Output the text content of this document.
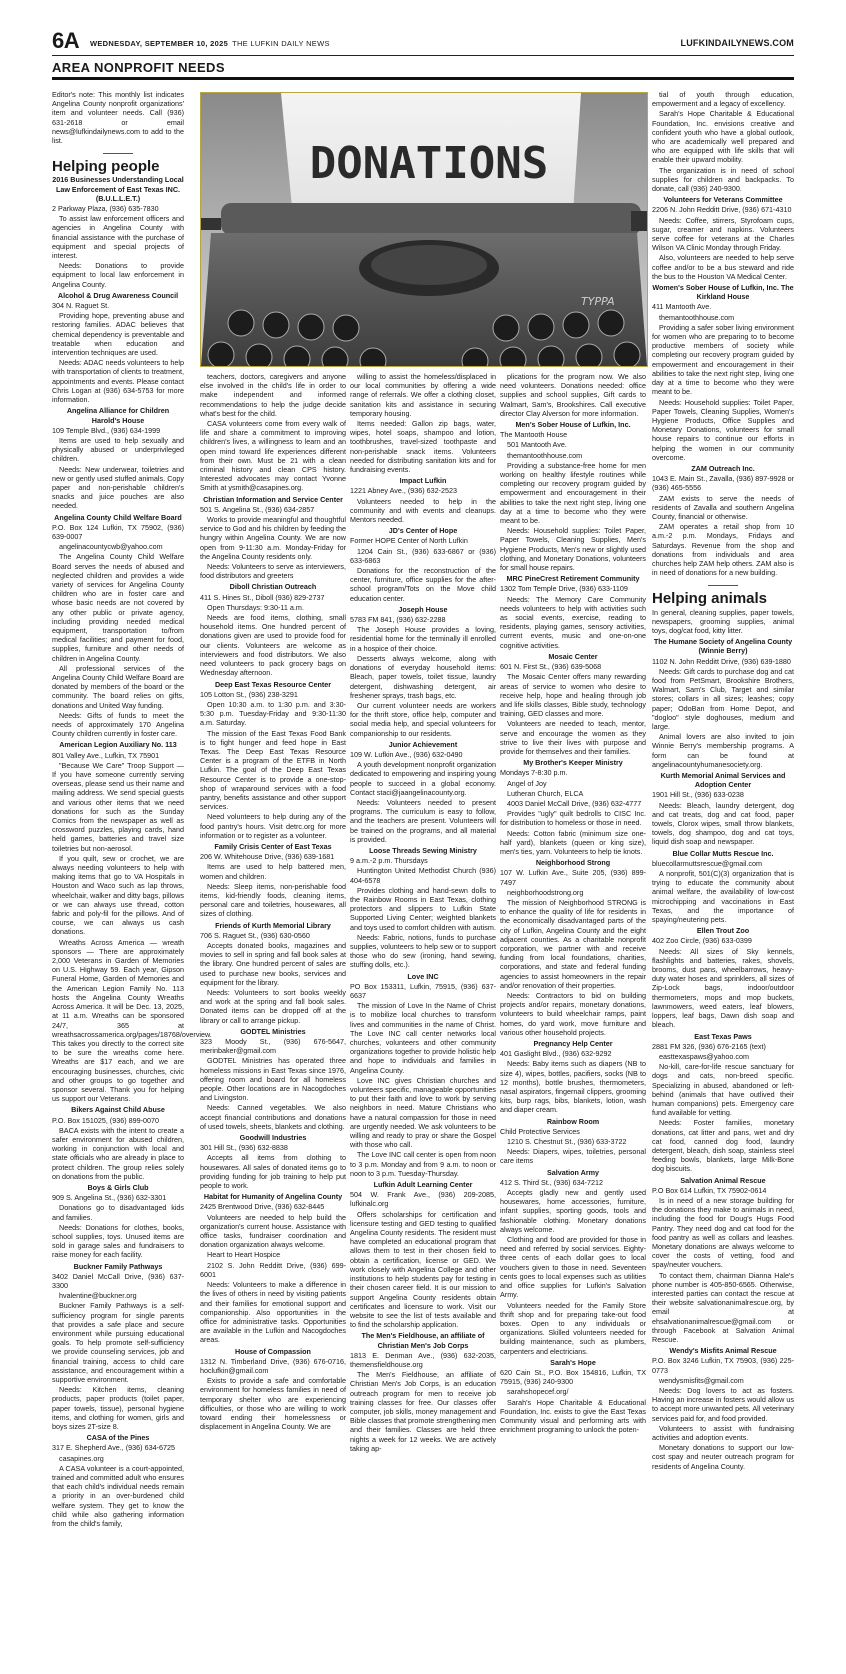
6A WEDNESDAY, SEPTEMBER 10, 2025 THE LUFKIN DAILY NEWS	LUFKINDAILYNEWS.COM
AREA NONPROFIT NEEDS

Editor's note: This monthly list indicates Angelina County nonprofit organizations' item and volunteer needs. Call (936) 631-2618 or email news@lufkindailynews.com to add to the list.

Helping people
2016 Businesses Understanding Local Law Enforcement of East Texas INC. (B.U.L.L.E.T.)

2 Parkway Plaza, (936) 635-7830

To assist law enforcement officers and agencies in Angelina County with financial assistance with the purchase of equipment and special projects of interest.

Needs: Donations to provide equipment to local law enforcement in Angelina County.

Alcohol & Drug Awareness Council

304 N. Raguet St.

Providing hope, preventing abuse and restoring families. ADAC believes that chemical dependency is preventable and treatable when education and intervention techniques are used.

Needs: ADAC needs volunteers to help with transportation of clients to treatment, appointments and events. Please contact Chris Logan at (936) 634-5753 for more information.

Angelina Alliance for Children Harold's House

109 Temple Blvd., (936) 634-1999

Items are used to help sexually and physically abused or underprivileged children.

Needs: New underwear, toiletries and new or gently used stuffed animals. Copy paper and non-perishable children's snacks and juice pouches are also needed.

Angelina County Child Welfare Board

P.O. Box 124 Lufkin, TX 75902, (936) 639-0007

angelinacountycwb@yahoo.com

The Angelina County Child Welfare Board serves the needs of abused and neglected children and provides a wide variety of services for Angelina County children who are in foster care and whose basic needs are not covered by any other public or private agency, including providing needed medical equipment, transportation to/from medical facilities; and payment for food, supplies, furniture and other needs of children in Angelina County.

All professional services of the Angelina County Child Welfare Board are donated by members of the board or the community. The board relies on gifts, donations and United Way funding.

Needs: Gifts of funds to meet the needs of approximately 170 Angelina County children currently in foster care.

American Legion Auxiliary No. 113

801 Valley Ave., Lufkin, TX 75901

"Because We Care" Troop Support — If you have someone currently serving overseas, please send us their name and mailing address. We send special guests and various other items that we need donations for such as the Sunday Comics from the newspaper as well as crossword puzzles, playing cards, hand held games, batteries and travel size toiletries but non-aerosol.

If you quilt, sew or crochet, we are always needing volunteers to help with making items that go to VA Hospitals in Houston and Waco such as lap throws, wheelchair, walker and ditty bags, pillows or we can always use thread, cotton fabric and poly-fil for the pillows. And of course, we can always us cash donations.

Wreaths Across America — wreath sponsors — There are approximately 2,000 Veterans in Garden of Memories on U.S. Highway 59. Each year, Gipson Funeral Home, Garden of Memories and the American Legion Family No. 113 hosts the Angelina County Wreaths Across America. It will be Dec. 13, 2025, at 11 a.m. Wreaths can be sponsored 24/7, 365 at wreathsacrossamerica.org/pages/18768/overview. This takes you directly to the correct site to be sure the wreaths come here. Wreaths are $17 each, and we are encouraging businesses, churches, civic and other groups to go together and sponsor several. Thank you for helping us support our Veterans.

Bikers Against Child Abuse

P.O. Box 151025, (936) 899-0070

BACA exists with the intent to create a safer environment for abused children, working in conjunction with local and state officials who are already in place to protect children. The group relies solely on donations from the public.

Boys & Girls Club

909 S. Angelina St., (936) 632-3301

Donations go to disadvantaged kids and families.

Needs: Donations for clothes, books, school supplies, toys. Unused items are sold in garage sales and fundraisers to raise money for each facility.

Buckner Family Pathways

3402 Daniel McCall Drive, (936) 637-3300

hvalentine@buckner.org

Buckner Family Pathways is a self-sufficiency program for single parents that provides a safe place and secure environment while pursuing educational goals. To help promote self-sufficiency we provide counseling services, job and financial training, access to child care assistance, and encouragement within a supportive environment.

Needs: Kitchen items, cleaning products, paper products (toilet paper, paper towels, tissue), personal hygiene items, and clothing for women, girls and boys sizes 2T-size 8.

CASA of the Pines

317 E. Shepherd Ave., (936) 634-6725

casapines.org

A CASA volunteer is a court-appointed, trained and committed adult who ensures that each child's individual needs remain a priority in an over-burdened child welfare system. They get to know the child while also gathering information from the child's family,

DONATIONS
TYPPA

teachers, doctors, caregivers and anyone else involved in the child's life in order to make independent and informed recommendations to help the judge decide what's best for the child.

CASA volunteers come from every walk of life and share a commitment to improving children's lives, a willingness to learn and an open mind toward life experiences different from their own. Must be 21 with a clean criminal history and clean CPS history. Interested advocates may contact Yvonne Smith at ysmith@casapines.org.

Christian Information and Service Center

501 S. Angelina St., (936) 634-2857

Works to provide meaningful and thoughtful service to God and his children by feeding the hungry within Angelina County. We are now open from 9-11:30 a.m. Monday-Friday for the Angelina County residents only.

Needs: Volunteers to serve as interviewers, food distributors and greeters

Diboll Christian Outreach

411 S. Hines St., Diboll (936) 829-2737

Open Thursdays: 9:30-11 a.m.

Needs are food items, clothing, small household items. One hundred percent of donations given are used to provide food for our clients. Volunteers are welcome as interviewers and food distributors. We also need volunteers to pack grocery bags on Wednesday afternoon.

Deep East Texas Resource Center

105 Lotton St., (936) 238-3291

Open 10:30 a.m. to 1:30 p.m. and 3:30-5:30 p.m. Tuesday-Friday and 9:30-11:30 a.m. Saturday.

The mission of the East Texas Food Bank is to fight hunger and feed hope in East Texas. The Deep East Texas Resource Center is a program of the ETFB in North Lufkin. The goal of the Deep East Texas Resource Center is to provide a one-stop-shop of wraparound services with a food pantry, benefits assistance and other support services.

Need volunteers to help during any of the food pantry's hours. Visit detrc.org for more information or to register as a volunteer.

Family Crisis Center of East Texas

206 W. Whitehouse Drive, (936) 639-1681

Items are used to help battered men, women and children.

Needs: Sleep items, non-perishable food items, kid-friendly foods, cleaning items, personal care and toiletries, housewares, all sizes of clothing.

Friends of Kurth Memorial Library

706 S. Raguet St., (936) 630-0560

Accepts donated books, magazines and movies to sell in spring and fall book sales at the library. One hundred percent of sales are used to purchase new books, services and equipment for the library.

Needs: Volunteers to sort books weekly and work at the spring and fall book sales. Donated items can be dropped off at the library or call to arrange pickup.

GODTEL Ministries

323 Moody St., (936) 676-5647, merinbaker@gmail.com

GODTEL Ministries has operated three homeless missions in East Texas since 1976, offering room and board for all homeless people. Other locations are in Nacogdoches and Livingston.

Needs: Canned vegetables. We also accept financial contributions and donations of used towels, sheets, blankets and clothing.

Goodwill Industries

301 Hill St., (936) 632-8838

Accepts all items from clothing to housewares. All sales of donated items go to providing funding for job training to help put people to work.

Habitat for Humanity of Angelina County

2425 Brentwood Drive, (936) 632-8445

Volunteers are needed to help build the organization's current house. Assistance with office tasks, fundraiser coordination and donation organization always welcome.

Heart to Heart Hospice

2102 S. John Redditt Drive, (936) 699-6001

Needs: Volunteers to make a difference in the lives of others in need by visiting patients and their families for emotional support and companionship. Also opportunities in the office for administrative tasks. Opportunities are available in the Lufkin and Nacogdoches areas.

House of Compassion

1312 N. Timberland Drive, (936) 676-0716, hoclufkin@gmail.com

Exists to provide a safe and comfortable environment for homeless families in need of temporary shelter who are experiencing difficulties, or those who are willing to work toward ending their homelessness or displacement in Angelina County. We are

willing to assist the homeless/displaced in our local communities by offering a wide range of referrals. We offer a clothing closet, sanitation kits and assistance in securing temporary housing.

Items needed: Gallon zip bags, water, wipes, hotel soaps, shampoo and lotion, toothbrushes, travel-sized toothpaste and non-perishable snack items. Volunteers needed for distributing sanitation kits and for fundraising events.

Impact Lufkin

1221 Abney Ave., (936) 632-2523

Volunteers needed to help in the community and with events and cleanups. Mentors needed.

JD's Center of Hope

Former HOPE Center of North Lufkin

1204 Cain St., (936) 633-6867 or (936) 633-6863

Donations for the reconstruction of the center, furniture, office supplies for the after-school program/Tots on the Move child education center.

Joseph House

5783 FM 841, (936) 632-2288

The Joseph House provides a loving, residential home for the terminally ill enrolled in a hospice of their choice.

Desserts always welcome, along with donations of everyday household items: Bleach, paper towels, toilet tissue, laundry detergent, dishwashing detergent, air freshener sprays, trash bags, etc.

Our current volunteer needs are workers for the thrift store, office help, computer and social media help, and special volunteers for companionship to our residents.

Junior Achievement

109 W. Lufkin Ave., (936) 632-0490

A youth development nonprofit organization dedicated to empowering and inspiring young people to succeed in a global economy. Contact staci@jaangelinacounty.org.

Needs: Volunteers needed to present programs. The curriculum is easy to follow, and the teachers are present. Volunteers will be trained on the programs, and all material is provided.

Loose Threads Sewing Ministry

9 a.m.-2 p.m. Thursdays

Huntington United Methodist Church (936) 404-6578

Provides clothing and hand-sewn dolls to the Rainbow Rooms in East Texas, clothing protectors and slippers to Lufkin State Supported Living Center; weighted blankets and toys used to comfort children with autism.

Needs: Fabric, notions, funds to purchase supplies, volunteers to help sew or to support those who do sew (ironing, hand sewing, stuffing dolls, etc.).

Love INC

PO Box 153311, Lufkin, 75915, (936) 637-6637

The mission of Love In the Name of Christ is to mobilize local churches to transform lives and communities in the name of Christ. The Love INC call center networks local churches, volunteers and other community organizations together to provide holistic help and hope to individuals and families in Angelina County.

Love INC gives Christian churches and volunteers specific, manageable opportunities to put their faith and love to work by serving neighbors in need. Mature Christians who have a natural compassion for those in need are urgently needed. We ask volunteers to be willing and ready to pray or share the Gospel with those who call.

The Love INC call center is open from noon to 3 p.m. Monday and from 9 a.m. to noon or noon to 3 p.m. Tuesday-Thursday.

Lufkin Adult Learning Center

504 W. Frank Ave., (936) 209-2085, lufkinalc.org

Offers scholarships for certification and licensure testing and GED testing to qualified Angelina County residents. The resident must have completed an educational program that allows them to test in their chosen field to obtain a certification, license or GED. We work closely with Angelina College and other institutions to help students pay for testing in their chosen career field. It is our mission to support Angelina County residents obtain certificates and licensure to work. Visit our website to see the list of tests available and to find the scholarship application.

The Men's Fieldhouse, an affiliate of Christian Men's Job Corps

1813 E. Denman Ave., (936) 632-2035, themensfieldhouse.org

The Men's Fieldhouse, an affiliate of Christian Men's Job Corps, is an education outreach program for men to receive job training classes for free. Our classes offer computer, job skills, money management and Bible classes that promote strengthening men and their families. Classes are held three nights a week for 12 weeks. We are actively taking ap-

plications for the program now. We also need volunteers. Donations needed: office supplies and school supplies, Gift cards to Walmart, Sam's, Brookshires. Call executive director Clay Alverson for more information.

Men's Sober House of Lufkin, Inc.

The Mantooth House

501 Mantooth Ave.

themantoothhouse.com

Providing a substance-free home for men working on healthy lifestyle routines while completing our recovery program guided by empowerment and encouragement in their abilities to take the next right step, living one day at a time to become who they were meant to be.

Needs: Household supplies: Toilet Paper, Paper Towels, Cleaning Supplies, Men's Hygiene Products, Men's new or slightly used clothing, and Monetary Donations, volunteers for small house repairs.

MRC PineCrest Retirement Community

1302 Tom Temple Drive, (936) 633-1109

Needs: The Memory Care Community needs volunteers to help with activities such as social events, exercise, reading to residents, playing games, sensory activities, current events, music and one-on-one cognitive activities.

Mosaic Center

601 N. First St., (936) 639-5068

The Mosaic Center offers many rewarding areas of service to women who desire to receive help, hope and healing through job and life skills classes, Bible study, technology training, GED classes and more.

Volunteers are needed to teach, mentor, serve and encourage the women as they strive to live their lives with purpose and provide for themselves and their families.

My Brother's Keeper Ministry

Mondays 7-8:30 p.m.

Angel of Joy

Lutheran Church, ELCA

4003 Daniel McCall Drive, (936) 632-4777

Provides "ugly" quilt bedrolls to CISC Inc. for distribution to homeless or those in need.

Needs: Cotton fabric (minimum size one-half yard), blankets (queen or king size), men's ties, yarn. Volunteers to help tie knots.

Neighborhood Strong

107 W. Lufkin Ave., Suite 205, (936) 899-7497

neighborhoodstrong.org

The mission of Neighborhood STRONG is to enhance the quality of life for residents in the economically disadvantaged parts of the city of Lufkin, Angelina County and the eight adjacent counties. As a charitable nonprofit corporation, we partner with and receive funding from local foundations, charities, corporations, and state and federal funding agencies to assist homeowners in the repair and/or renovation of their properties.

Needs: Contractors to bid on building projects and/or repairs, monetary donations, volunteers to build wheelchair ramps, paint homes, do yard work, move furniture and various other household projects.

Pregnancy Help Center

401 Gaslight Blvd., (936) 632-9292

Needs: Baby items such as diapers (NB to size 4), wipes, bottles, pacifiers, socks (NB to 12 months), bottle brushes, thermometers, nasal aspirators, fingernail clippers, grooming kits, burp rags, bibs, blankets, lotion, wash and diaper cream.

Rainbow Room

Child Protective Services

1210 S. Chestnut St., (936) 633-3722

Needs: Diapers, wipes, toiletries, personal care items

Salvation Army

412 S. Third St., (936) 634-7212

Accepts gladly new and gently used housewares, home accessories, furniture, infant supplies, sporting goods, tools and fashionable clothing. Monetary donations always welcome.

Clothing and food are provided for those in need and referred by social services. Eighty-three cents of each dollar goes to local vouchers given to those in need. Seventeen cents goes to local expenses such as utilities and office supplies for Lufkin's Salvation Army.

Volunteers needed for the Family Store thrift shop and for preparing take-out food boxes. Open to any individuals or organizations. Skilled volunteers needed for building maintenance, such as plumbers, carpenters and electricians.

Sarah's Hope

620 Cain St., P.O. Box 154816, Lufkin, TX 75915, (936) 240-9300

sarahshopecef.org/

Sarah's Hope Charitable & Educational Foundation, Inc. exists to give the East Texas Community visual and performing arts with enrichment programing to unlock the poten-

tial of youth through education, empowerment and a legacy of excellency.

Sarah's Hope Charitable & Educational Foundation, Inc. envisions creative and confident youth who have a global outlook, who are academically well prepared and who are equipped with life skills that will enable their upward mobility.

The organization is in need of school supplies for children and backpacks. To donate, call (936) 240-9300.

Volunteers for Veterans Committee

2206 N. John Redditt Drive, (936) 671-4310

Needs: Coffee, stirrers, Styrofoam cups, sugar, creamer and napkins. Volunteers serve coffee for veterans at the Charles Wilson VA Clinic Monday through Friday.

Also, volunteers are needed to help serve coffee and/or to be a bus steward and ride the bus to the Houston VA Medical Center.

Women's Sober House of Lufkin, Inc. The Kirkland House

411 Mantooth Ave.

themantoothhouse.com

Providing a safer sober living environment for women who are preparing to to become productive members of society while completing our recovery program guided by empowerment and encouragement in their abilities to take the next right step, living one day at a time to become who they were meant to be.

Needs: Household supplies: Toilet Paper, Paper Towels, Cleaning Supplies, Women's Hygiene Products, Office Supplies and Monetary Donations, volunteers for small house repairs to continue our efforts in helping the women in our community overcome.

ZAM Outreach Inc.

1043 E. Main St., Zavalla, (936) 897-9928 or (936) 465-5556

ZAM exists to serve the needs of residents of Zavalla and southern Angelina County, financial or otherwise.

ZAM operates a retail shop from 10 a.m.-2 p.m. Mondays, Fridays and Saturdays. Revenue from the shop and donations from individuals and area churches help ZAM help others. ZAM also is in need of donations for a new building.

Helping animals

In general, cleaning supplies, paper towels, newspapers, grooming supplies, animal toys, dog/cat food, kitty litter.

The Humane Society of Angelina County (Winnie Berry)

1102 N. John Redditt Drive, (936) 639-1880

Needs: Gift cards to purchase dog and cat food from PetSmart, Brookshire Brothers, Walmart, Sam's Club, Target and similar stores; collars in all sizes; leashes; copy paper; OdoBan from Home Depot, and "dogloo" style doghouses, medium and large.

Animal lovers are also invited to join Winnie Berry's membership programs. A form can be found at angelinacountyhumanesociety.org.

Kurth Memorial Animal Services and Adoption Center

1901 Hill St., (936) 633-0238

Needs: Bleach, laundry detergent, dog and cat treats, dog and cat food, paper towels, Clorox wipes, small throw blankets, towels, dog shampoo, dog and cat toys, liquid dish soap and newspaper.

Blue Collar Mutts Rescue Inc.

bluecollarmuttsrescue@gmail.com

A nonprofit, 501(C)(3) organization that is trying to educate the community about animal welfare, the availability of low-cost microchipping and vaccinations in East Texas, and the importance of spaying/neutering pets.

Ellen Trout Zoo

402 Zoo Circle, (936) 633-0399

Needs: All sizes of Sky kennels, flashlights and batteries, rakes, shovels, brooms, dust pans, wheelbarrows, heavy-duty water hoses and sprinklers, all sizes of Zip-Lock bags, indoor/outdoor thermometers, mops and mop buckets, lawnmowers, weed eaters, leaf blowers, loppers, leaf bags, Dawn dish soap and bleach.

East Texas Paws

2881 FM 326, (936) 676-2165 (text)

easttexaspaws@yahoo.com

No-kill, care-for-life rescue sanctuary for dogs and cats, non-breed specific. Specializing in abused, abandoned or left-behind (animals that have outlived their human companions) pets. Emergency care fund available for vetting.

Needs: Foster families, monetary donations, cat litter and pans, wet and dry cat food, canned dog food, laundry detergent, bleach, dish soap, stainless steel feeding bowls, blankets, large Milk-Bone dog biscuits.

Salvation Animal Rescue

P.O Box 614 Lufkin, TX 75902-0614

Is in need of a new storage building for the donations they make to animals in need, including the food for Doug's Hugs Food Pantry. They need dog and cat food for the food pantry as well as collars and leashes. Monetary donations are always welcome to cover the costs of vetting, food and spay/neuter vouchers.

To contact them, chairman Dianna Hale's phone number is 405-850-6565. Otherwise, interested parties can contact the rescue at their website salvationanimalrescue.org, by email at ehsalvationanimalrescue@gmail.com or through Facebook at Salvation Animal Rescue.

Wendy's Misfits Animal Rescue

P.O. Box 3246 Lufkin, TX 75903, (936) 225-0773

wendysmisfits@gmail.com

Needs: Dog lovers to act as fosters. Having an increase in fosters would allow us to accept more unwanted pets. All veterinary services paid for, and food provided.

Volunteers to assist with fundraising activities and adoption events.

Monetary donations to support our low-cost spay and neuter outreach program for residents of Angelina County.
